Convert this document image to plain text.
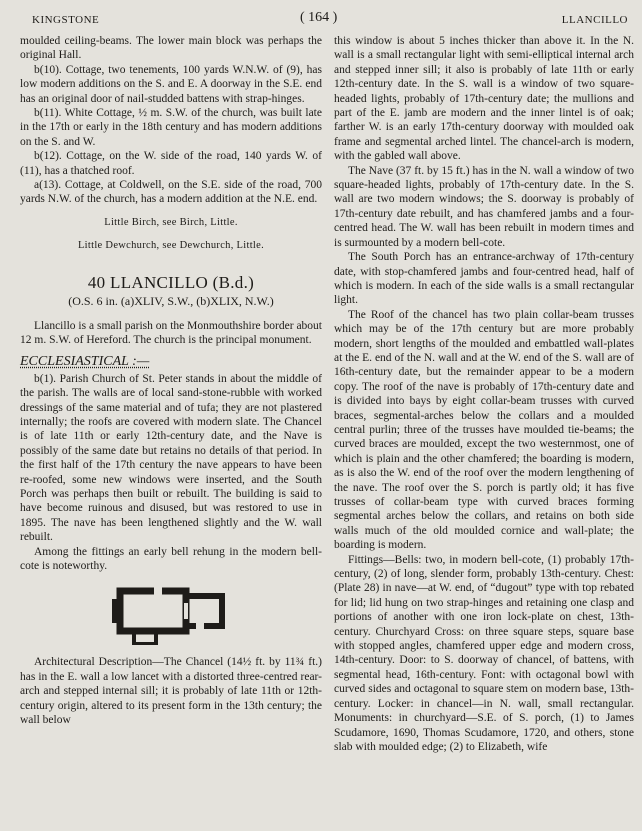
KINGSTONE	( 164 )	LLANCILLO

moulded ceiling-beams. The lower main block was perhaps the original Hall.

b(10). Cottage, two tenements, 100 yards W.N.W. of (9), has low modern additions on the S. and E. A doorway in the S.E. end has an original door of nail-studded battens with strap-hinges.

b(11). White Cottage, ½ m. S.W. of the church, was built late in the 17th or early in the 18th century and has modern additions on the S. and W.

b(12). Cottage, on the W. side of the road, 140 yards W. of (11), has a thatched roof.

a(13). Cottage, at Coldwell, on the S.E. side of the road, 700 yards N.W. of the church, has a modern addition at the N.E. end.

Little Birch, see Birch, Little.

Little Dewchurch, see Dewchurch, Little.

40 LLANCILLO (B.d.)
(O.S. 6 in. (a)XLIV, S.W., (b)XLIX, N.W.)

Llancillo is a small parish on the Monmouthshire border about 12 m. S.W. of Hereford. The church is the principal monument.

ECCLESIASTICAL :—

b(1). Parish Church of St. Peter stands in about the middle of the parish. The walls are of local sand-stone-rubble with worked dressings of the same material and of tufa; they are not plastered internally; the roofs are covered with modern slate. The Chancel is of late 11th or early 12th-century date, and the Nave is possibly of the same date but retains no details of that period. In the first half of the 17th century the nave appears to have been re-roofed, some new windows were inserted, and the South Porch was perhaps then built or rebuilt. The building is said to have become ruinous and disused, but was restored to use in 1895. The nave has been lengthened slightly and the W. wall rebuilt.

Among the fittings an early bell rehung in the modern bell-cote is noteworthy.

Architectural Description—The Chancel (14½ ft. by 11¾ ft.) has in the E. wall a low lancet with a distorted three-centred rear-arch and stepped internal sill; it is probably of late 11th or 12th-century origin, altered to its present form in the 13th century; the wall below

this window is about 5 inches thicker than above it. In the N. wall is a small rectangular light with semi-elliptical internal arch and stepped inner sill; it also is probably of late 11th or early 12th-century date. In the S. wall is a window of two square-headed lights, probably of 17th-century date; the mullions and part of the E. jamb are modern and the inner lintel is of oak; farther W. is an early 17th-century doorway with moulded oak frame and segmental arched lintel. The chancel-arch is modern, with the gabled wall above.

The Nave (37 ft. by 15 ft.) has in the N. wall a window of two square-headed lights, probably of 17th-century date. In the S. wall are two modern windows; the S. doorway is probably of 17th-century date rebuilt, and has chamfered jambs and a four-centred head. The W. wall has been rebuilt in modern times and is surmounted by a modern bell-cote.

The South Porch has an entrance-archway of 17th-century date, with stop-chamfered jambs and four-centred head, half of which is modern. In each of the side walls is a small rectangular light.

The Roof of the chancel has two plain collar-beam trusses which may be of the 17th century but are more probably modern, short lengths of the moulded and embattled wall-plates at the E. end of the N. wall and at the W. end of the S. wall are of 16th-century date, but the remainder appear to be a modern copy. The roof of the nave is probably of 17th-century date and is divided into bays by eight collar-beam trusses with curved braces, segmental-arches below the collars and a moulded central purlin; three of the trusses have moulded tie-beams; the curved braces are moulded, except the two westernmost, one of which is plain and the other chamfered; the boarding is modern, as is also the W. end of the roof over the modern lengthening of the nave. The roof over the S. porch is partly old; it has five trusses of collar-beam type with curved braces forming segmental arches below the collars, and retains on both side walls much of the old moulded cornice and wall-plate; the boarding is modern.

Fittings—Bells: two, in modern bell-cote, (1) probably 17th-century, (2) of long, slender form, probably 13th-century. Chest: (Plate 28) in nave—at W. end, of “dugout” type with top rebated for lid; lid hung on two strap-hinges and retaining one clasp and portions of another with one iron lock-plate on chest, 13th-century. Churchyard Cross: on three square steps, square base with stopped angles, chamfered upper edge and modern cross, 14th-century. Door: to S. doorway of chancel, of battens, with segmental head, 16th-century. Font: with octagonal bowl with curved sides and octagonal to square stem on modern base, 13th-century. Locker: in chancel—in N. wall, small rectangular. Monuments: in churchyard—S.E. of S. porch, (1) to James Scudamore, 1690, Thomas Scudamore, 1720, and others, stone slab with moulded edge; (2) to Elizabeth, wife
